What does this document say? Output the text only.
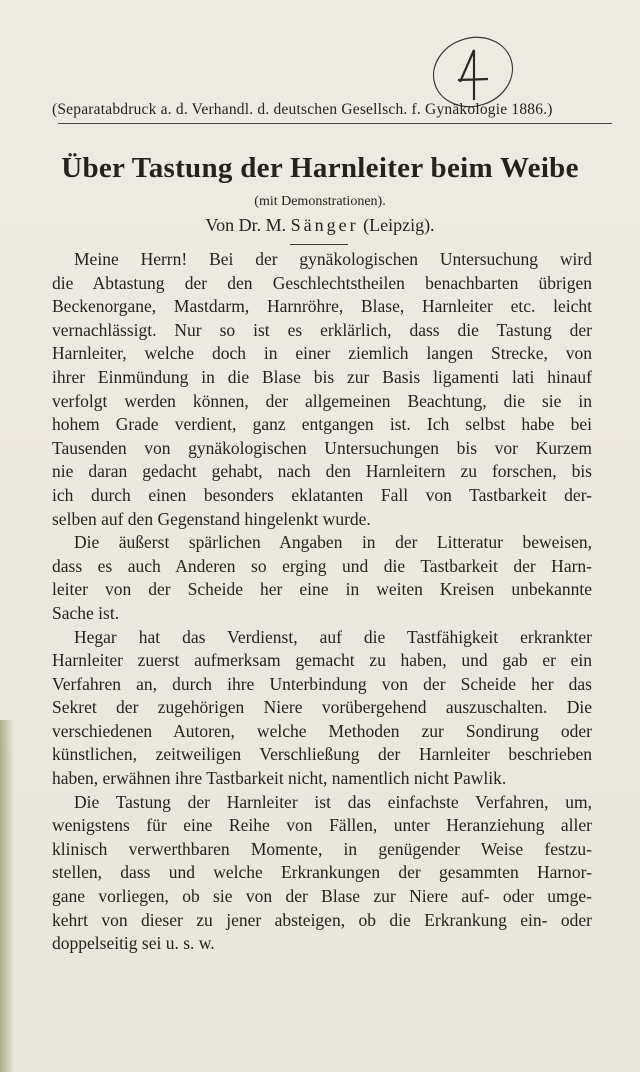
(Separatabdruck a. d. Verhandl. d. deutschen Gesellsch. f. Gynäkologie 1886.)
Über Tastung der Harnleiter beim Weibe
(mit Demonstrationen).
Von Dr. M. Sänger (Leipzig).
Meine Herrn! Bei der gynäkologischen Untersuchung wird
die Abtastung der den Geschlechtstheilen benachbarten übrigen
Beckenorgane, Mastdarm, Harnröhre, Blase, Harnleiter etc. leicht
vernachlässigt. Nur so ist es erklärlich, dass die Tastung der
Harnleiter, welche doch in einer ziemlich langen Strecke, von
ihrer Einmündung in die Blase bis zur Basis ligamenti lati hinauf
verfolgt werden können, der allgemeinen Beachtung, die sie in
hohem Grade verdient, ganz entgangen ist. Ich selbst habe bei
Tausenden von gynäkologischen Untersuchungen bis vor Kurzem
nie daran gedacht gehabt, nach den Harnleitern zu forschen, bis
ich durch einen besonders eklatanten Fall von Tastbarkeit der-
selben auf den Gegenstand hingelenkt wurde.
Die äußerst spärlichen Angaben in der Litteratur beweisen,
dass es auch Anderen so erging und die Tastbarkeit der Harn-
leiter von der Scheide her eine in weiten Kreisen unbekannte
Sache ist.
Hegar hat das Verdienst, auf die Tastfähigkeit erkrankter
Harnleiter zuerst aufmerksam gemacht zu haben, und gab er ein
Verfahren an, durch ihre Unterbindung von der Scheide her das
Sekret der zugehörigen Niere vorübergehend auszuschalten. Die
verschiedenen Autoren, welche Methoden zur Sondirung oder
künstlichen, zeitweiligen Verschließung der Harnleiter beschrieben
haben, erwähnen ihre Tastbarkeit nicht, namentlich nicht Pawlik.
Die Tastung der Harnleiter ist das einfachste Verfahren, um,
wenigstens für eine Reihe von Fällen, unter Heranziehung aller
klinisch verwerthbaren Momente, in genügender Weise festzu-
stellen, dass und welche Erkrankungen der gesammten Harnor-
gane vorliegen, ob sie von der Blase zur Niere auf- oder umge-
kehrt von dieser zu jener absteigen, ob die Erkrankung ein- oder
doppelseitig sei u. s. w.
